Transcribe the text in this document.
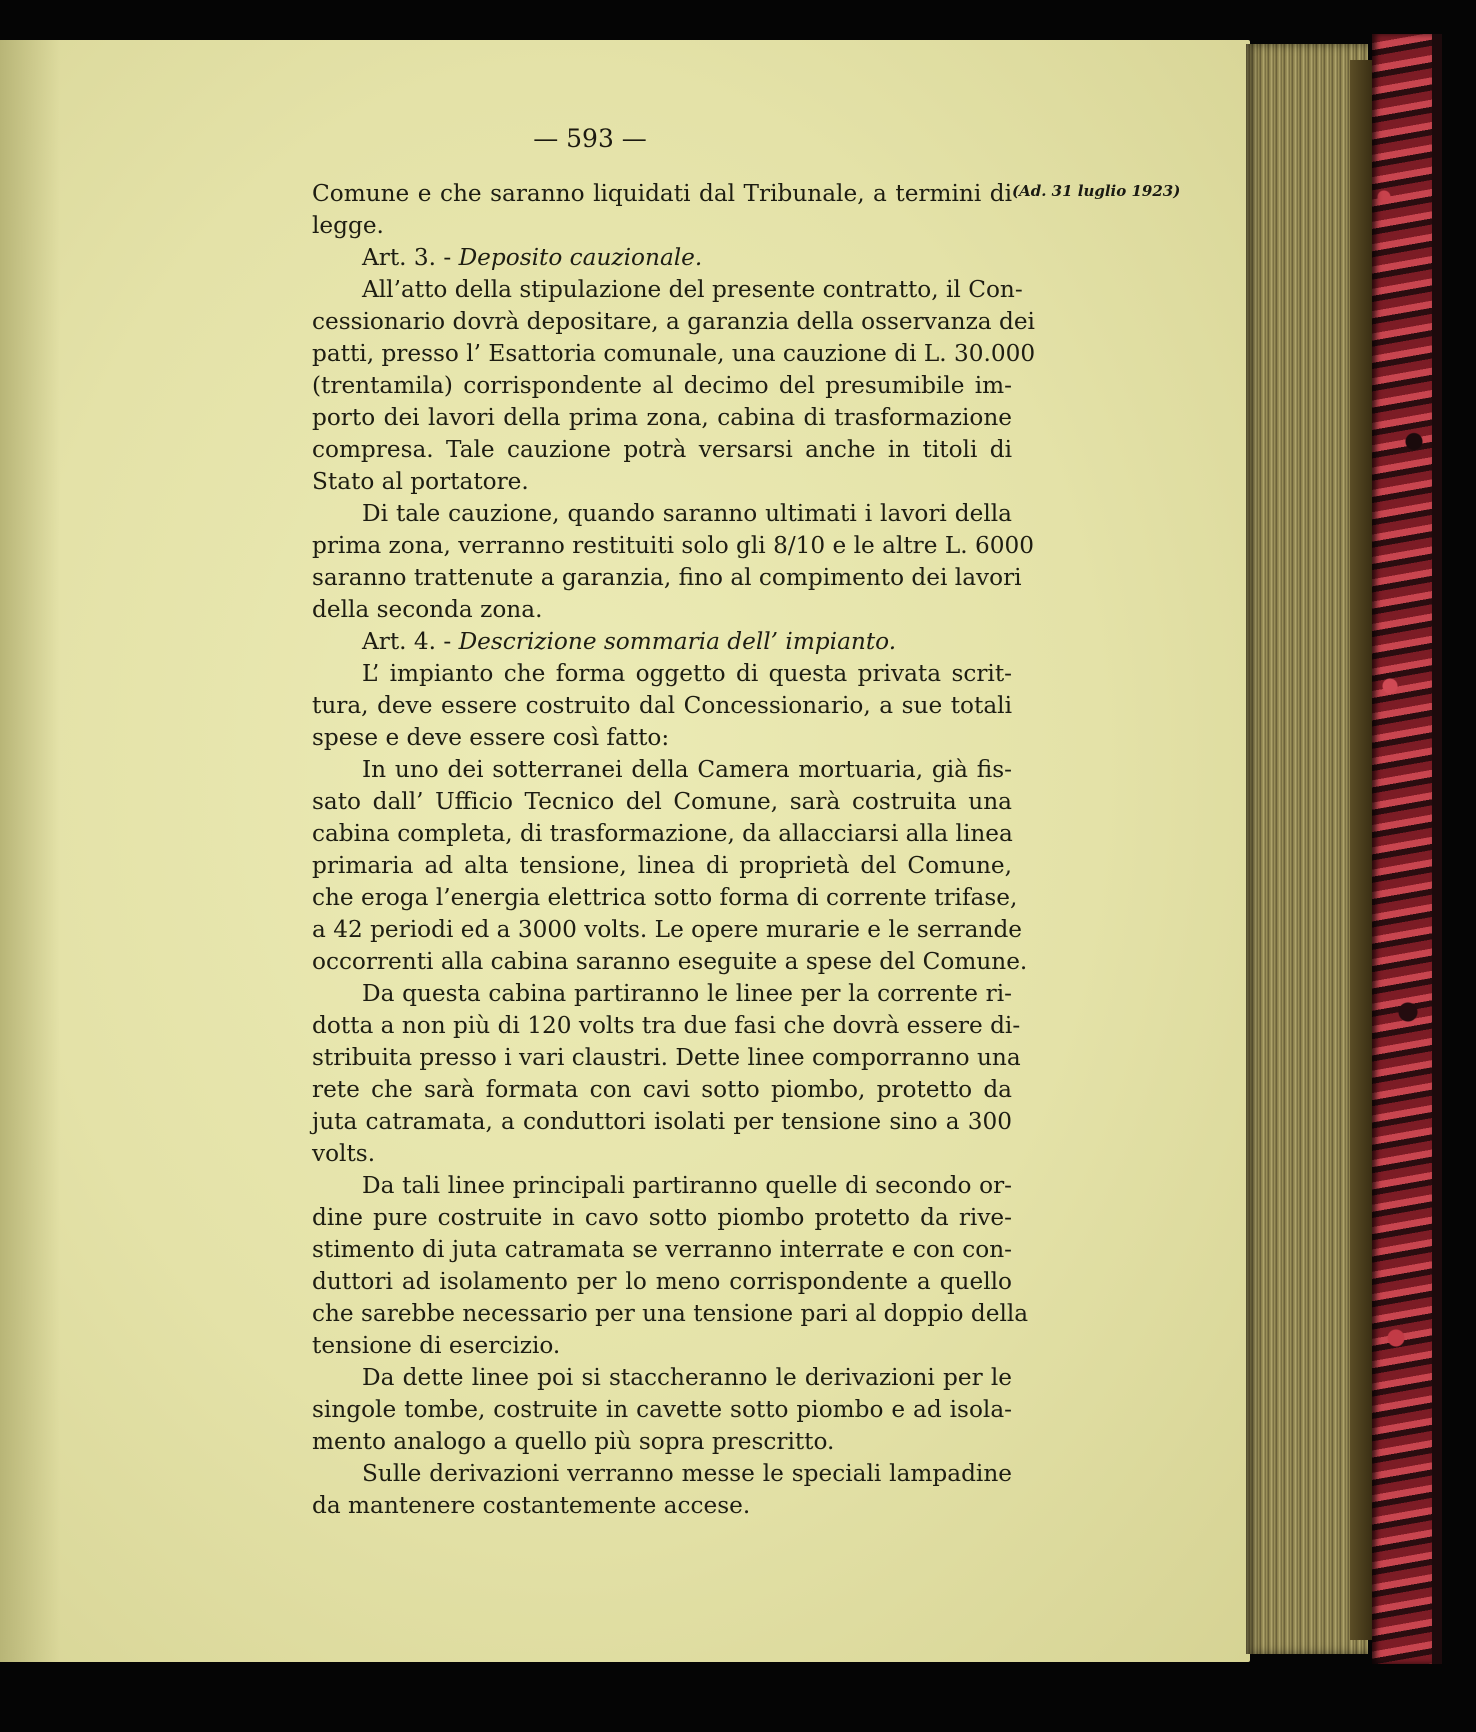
— 593 —
(Ad. 31 luglio 1923)
Comune e che saranno liquidati dal Tribunale, a termini di
legge.
Art. 3. - Deposito cauzionale.
All’atto della stipulazione del presente contratto, il Con-
cessionario dovrà depositare, a garanzia della osservanza dei
patti, presso l’ Esattoria comunale, una cauzione di L. 30.000
(trentamila) corrispondente al decimo del presumibile im-
porto dei lavori della prima zona, cabina di trasformazione
compresa. Tale cauzione potrà versarsi anche in titoli di
Stato al portatore.
Di tale cauzione, quando saranno ultimati i lavori della
prima zona, verranno restituiti solo gli 8/10 e le altre L. 6000
saranno trattenute a garanzia, fino al compimento dei lavori
della seconda zona.
Art. 4. - Descrizione sommaria dell’ impianto.
L’ impianto che forma oggetto di questa privata scrit-
tura, deve essere costruito dal Concessionario, a sue totali
spese e deve essere così fatto:
In uno dei sotterranei della Camera mortuaria, già fis-
sato dall’ Ufficio Tecnico del Comune, sarà costruita una
cabina completa, di trasformazione, da allacciarsi alla linea
primaria ad alta tensione, linea di proprietà del Comune,
che eroga l’energia elettrica sotto forma di corrente trifase,
a 42 periodi ed a 3000 volts. Le opere murarie e le serrande
occorrenti alla cabina saranno eseguite a spese del Comune.
Da questa cabina partiranno le linee per la corrente ri-
dotta a non più di 120 volts tra due fasi che dovrà essere di-
stribuita presso i vari claustri. Dette linee comporranno una
rete che sarà formata con cavi sotto piombo, protetto da
juta catramata, a conduttori isolati per tensione sino a 300
volts.
Da tali linee principali partiranno quelle di secondo or-
dine pure costruite in cavo sotto piombo protetto da rive-
stimento di juta catramata se verranno interrate e con con-
duttori ad isolamento per lo meno corrispondente a quello
che sarebbe necessario per una tensione pari al doppio della
tensione di esercizio.
Da dette linee poi si staccheranno le derivazioni per le
singole tombe, costruite in cavette sotto piombo e ad isola-
mento analogo a quello più sopra prescritto.
Sulle derivazioni verranno messe le speciali lampadine
da mantenere costantemente accese.
